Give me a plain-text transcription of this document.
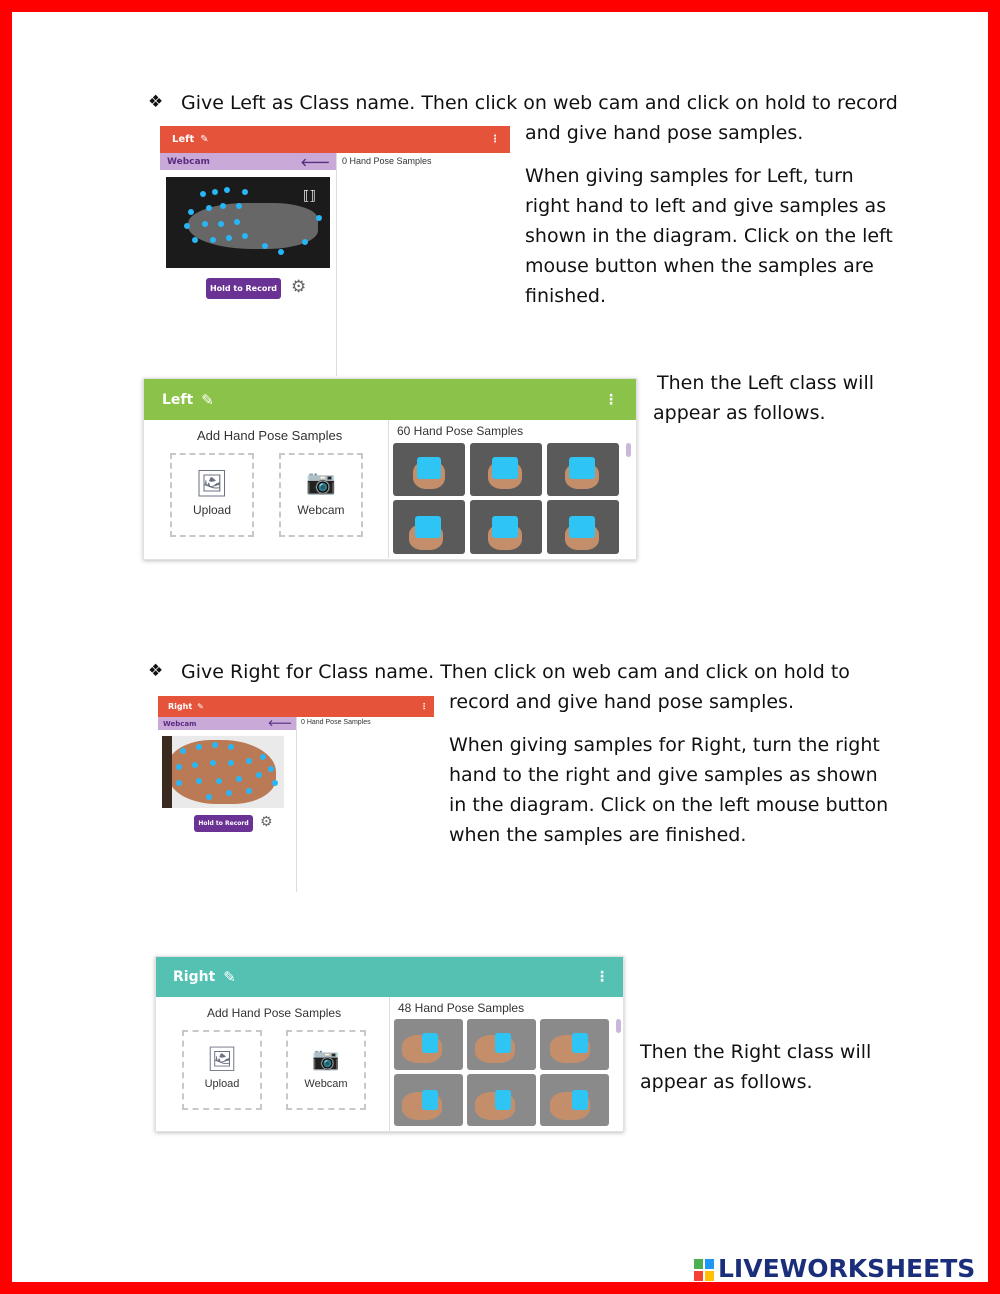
❖ Give Left as Class name. Then click on web cam and click on hold to record
and give hand pose samples.
When giving samples for Left, turn
right hand to left and give samples as
shown in the diagram. Click on the left
mouse button when the samples are
finished.
Left ✎	⋮
Webcam	🡐 0 Hand Pose Samples
⟦⟧
Hold to Record ⚙
Then the Left class will
appear as follows.
Left ✎	⋮
Add Hand Pose Samples
🖼
Upload
📷
Webcam
60 Hand Pose Samples
❖ Give Right for Class name. Then click on web cam and click on hold to
record and give hand pose samples.
When giving samples for Right, turn the right
hand to the right and give samples as shown
in the diagram. Click on the left mouse button
when the samples are finished.
Right ✎	⋮
Webcam	🡐 0 Hand Pose Samples
Hold to Record ⚙
Right ✎	⋮
Add Hand Pose Samples
🖼
Upload
📷
Webcam
48 Hand Pose Samples
Then the Right class will
appear as follows.
LIVEWORKSHEETS
